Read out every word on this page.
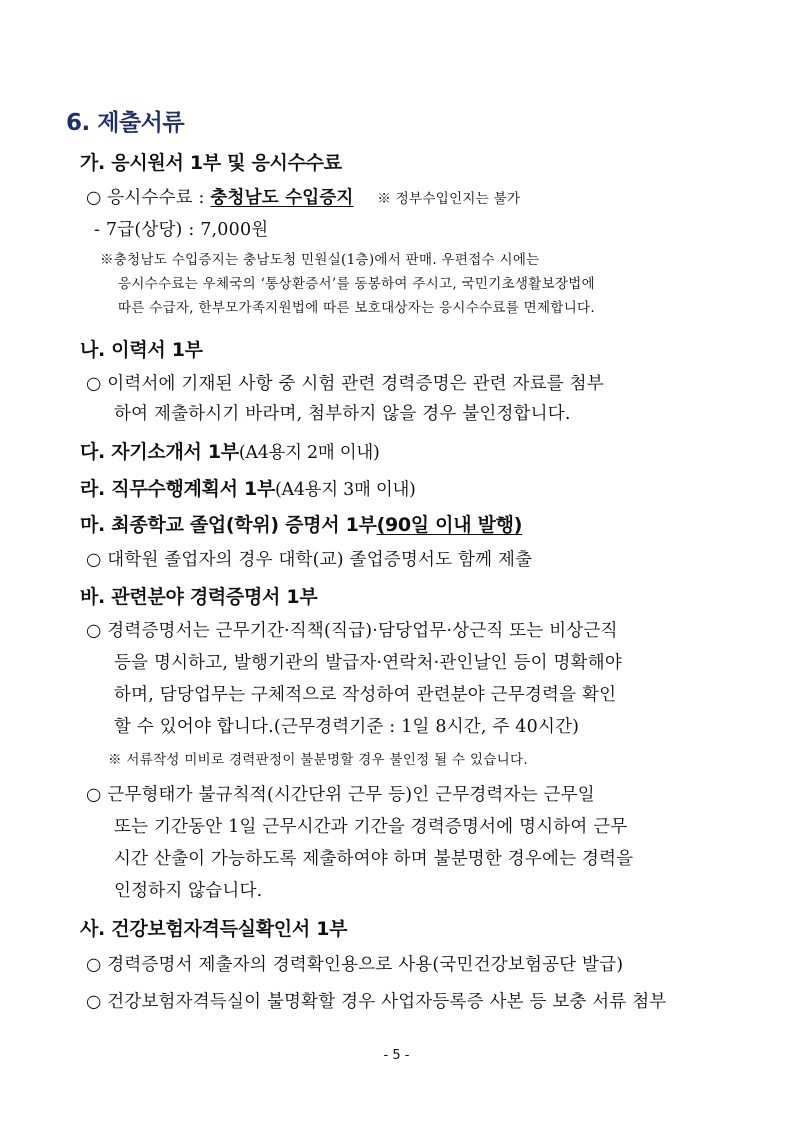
6. 제출서류
가. 응시원서 1부 및 응시수수료
○ 응시수수료 : 충청남도 수입증지 ※ 정부수입인지는 불가
- 7급(상당) : 7,000원
※충청남도 수입증지는 충남도청 민원실(1층)에서 판매. 우편접수 시에는
응시수수료는 우체국의 ‘통상환증서’를 동봉하여 주시고, 국민기초생활보장법에
따른 수급자, 한부모가족지원법에 따른 보호대상자는 응시수수료를 면제합니다.
나. 이력서 1부
○ 이력서에 기재된 사항 중 시험 관련 경력증명은 관련 자료를 첨부
하여 제출하시기 바라며, 첨부하지 않을 경우 불인정합니다.
다. 자기소개서 1부(A4용지 2매 이내)
라. 직무수행계획서 1부(A4용지 3매 이내)
마. 최종학교 졸업(학위) 증명서 1부(90일 이내 발행)
○ 대학원 졸업자의 경우 대학(교) 졸업증명서도 함께 제출
바. 관련분야 경력증명서 1부
○ 경력증명서는 근무기간·직책(직급)·담당업무·상근직 또는 비상근직
등을 명시하고, 발행기관의 발급자·연락처·관인날인 등이 명확해야
하며, 담당업무는 구체적으로 작성하여 관련분야 근무경력을 확인
할 수 있어야 합니다.(근무경력기준 : 1일 8시간, 주 40시간)
※ 서류작성 미비로 경력판정이 불분명할 경우 불인정 될 수 있습니다.
○ 근무형태가 불규칙적(시간단위 근무 등)인 근무경력자는 근무일
또는 기간동안 1일 근무시간과 기간을 경력증명서에 명시하여 근무
시간 산출이 가능하도록 제출하여야 하며 불분명한 경우에는 경력을
인정하지 않습니다.
사. 건강보험자격득실확인서 1부
○ 경력증명서 제출자의 경력확인용으로 사용(국민건강보험공단 발급)
○ 건강보험자격득실이 불명확할 경우 사업자등록증 사본 등 보충 서류 첨부
- 5 -
